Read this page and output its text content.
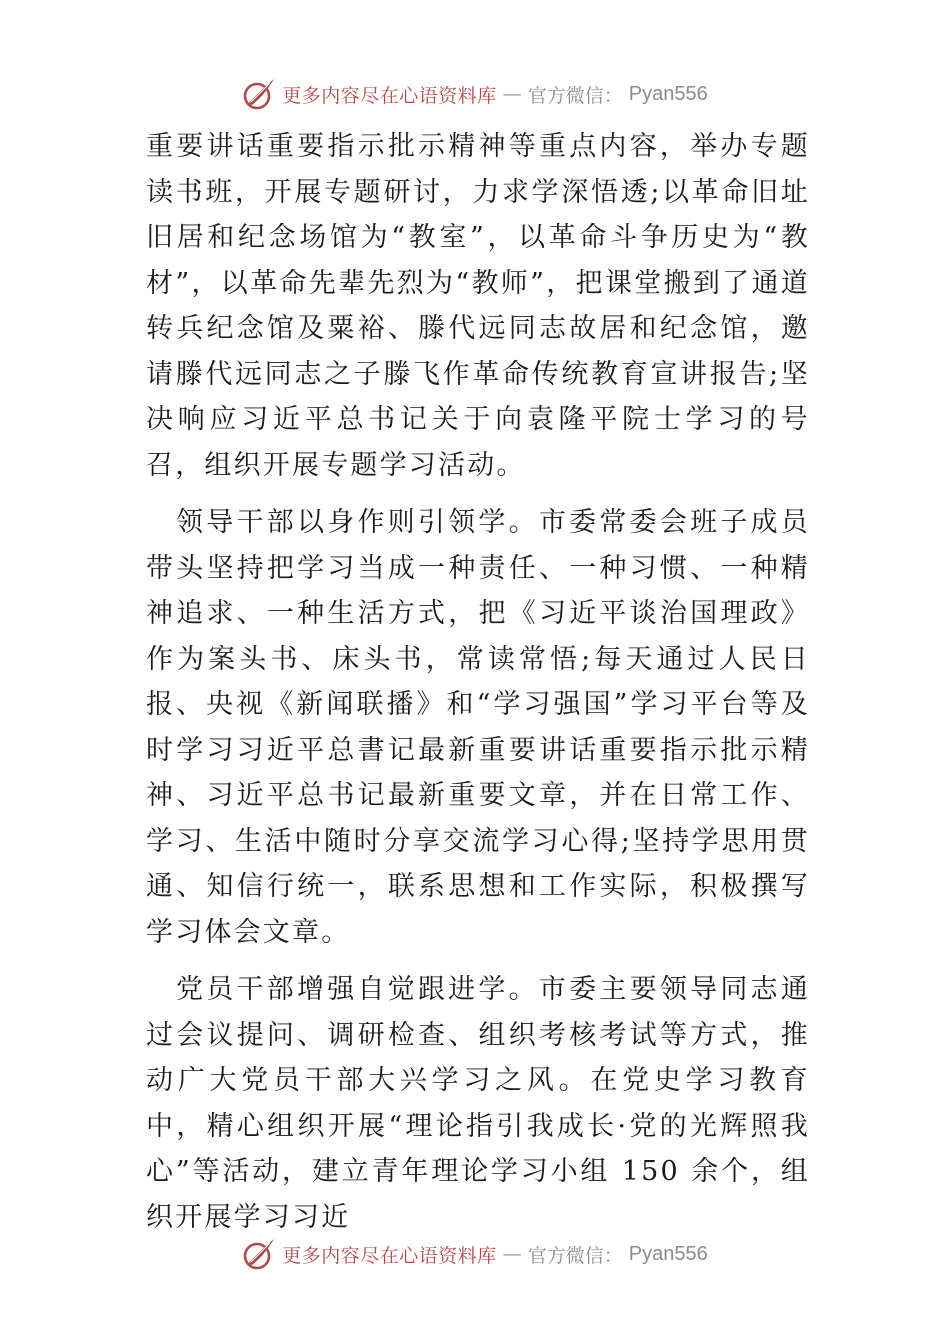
更多内容尽在心语资料库 — 官方微信： Pyan556

重要讲话重要指示批示精神等重点内容，举办专题读书班，开展专题研讨，力求学深悟透;以革命旧址旧居和纪念场馆为“教室”，以革命斗争历史为“教材”，以革命先辈先烈为“教师”，把课堂搬到了通道转兵纪念馆及粟裕、滕代远同志故居和纪念馆，邀请滕代远同志之子滕飞作革命传统教育宣讲报告;坚决响应习近平总书记关于向袁隆平院士学习的号召，组织开展专题学习活动。

领导干部以身作则引领学。市委常委会班子成员带头坚持把学习当成一种责任、一种习惯、一种精神追求、一种生活方式，把《习近平谈治国理政》作为案头书、床头书，常读常悟;每天通过人民日报、央视《新闻联播》和“学习强国”学习平台等及时学习习近平总書记最新重要讲话重要指示批示精神、习近平总书记最新重要文章，并在日常工作、学习、生活中随时分享交流学习心得;坚持学思用贯通、知信行统一，联系思想和工作实际，积极撰写学习体会文章。

党员干部增强自觉跟进学。市委主要领导同志通过会议提问、调研检查、组织考核考试等方式，推动广大党员干部大兴学习之风。在党史学习教育中，精心组织开展“理论指引我成长·党的光辉照我心”等活动，建立青年理论学习小组 150 余个，组织开展学习习近

更多内容尽在心语资料库 — 官方微信： Pyan556
